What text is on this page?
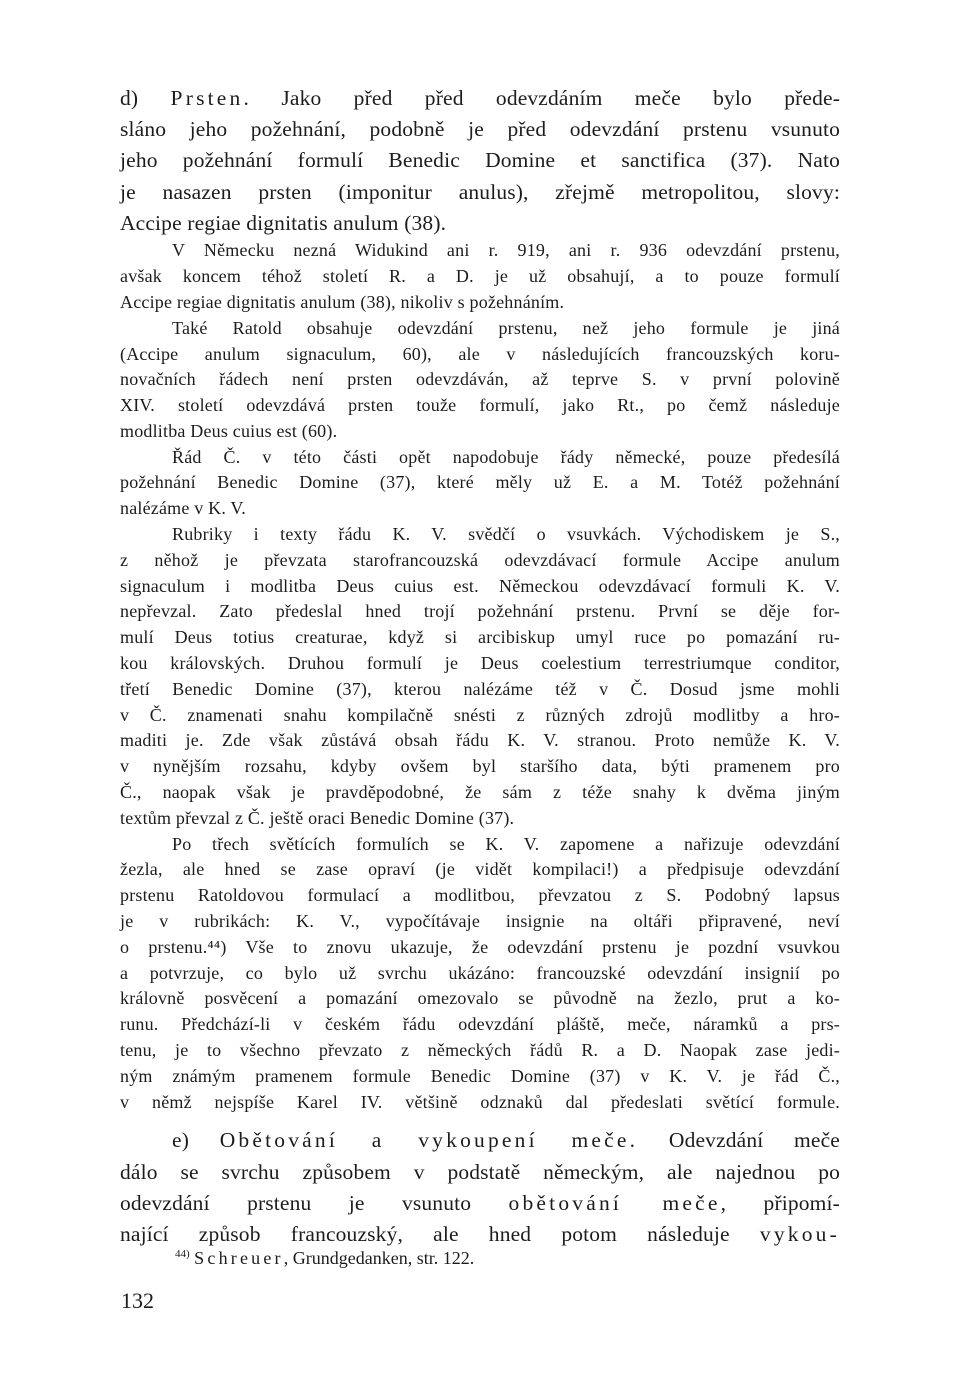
d) Prsten. Jako před před odevzdáním meče bylo přede-
sláno jeho požehnání, podobně je před odevzdání prstenu vsunuto
jeho požehnání formulí Benedic Domine et sanctifica (37). Nato
je nasazen prsten (imponitur anulus), zřejmě metropolitou, slovy:
Accipe regiae dignitatis anulum (38).
V Německu nezná Widukind ani r. 919, ani r. 936 odevzdání prstenu,
avšak koncem téhož století R. a D. je už obsahují, a to pouze formulí
Accipe regiae dignitatis anulum (38), nikoliv s požehnáním.
Také Ratold obsahuje odevzdání prstenu, než jeho formule je jiná
(Accipe anulum signaculum, 60), ale v následujících francouzských koru-
novačních řádech není prsten odevzdáván, až teprve S. v první polovině
XIV. století odevzdává prsten touže formulí, jako Rt., po čemž následuje
modlitba Deus cuius est (60).
Řád Č. v této části opět napodobuje řády německé, pouze předesílá
požehnání Benedic Domine (37), které měly už E. a M. Totéž požehnání
nalézáme v K. V.
Rubriky i texty řádu K. V. svědčí o vsuvkách. Východiskem je S.,
z něhož je převzata starofrancouzská odevzdávací formule Accipe anulum
signaculum i modlitba Deus cuius est. Německou odevzdávací formuli K. V.
nepřevzal. Zato předeslal hned trojí požehnání prstenu. První se děje for-
mulí Deus totius creaturae, když si arcibiskup umyl ruce po pomazání ru-
kou královských. Druhou formulí je Deus coelestium terrestriumque conditor,
třetí Benedic Domine (37), kterou nalézáme též v Č. Dosud jsme mohli
v Č. znamenati snahu kompilačně snésti z různých zdrojů modlitby a hro-
maditi je. Zde však zůstává obsah řádu K. V. stranou. Proto nemůže K. V.
v nynějším rozsahu, kdyby ovšem byl staršího data, býti pramenem pro
Č., naopak však je pravděpodobné, že sám z téže snahy k dvěma jiným
textům převzal z Č. ještě oraci Benedic Domine (37).
Po třech světících formulích se K. V. zapomene a nařizuje odevzdání
žezla, ale hned se zase opraví (je vidět kompilaci!) a předpisuje odevzdání
prstenu Ratoldovou formulací a modlitbou, převzatou z S. Podobný lapsus
je v rubrikách: K. V., vypočítávaje insignie na oltáři připravené, neví
o prstenu.⁴⁴) Vše to znovu ukazuje, že odevzdání prstenu je pozdní vsuvkou
a potvrzuje, co bylo už svrchu ukázáno: francouzské odevzdání insignií po
královně posvěcení a pomazání omezovalo se původně na žezlo, prut a ko-
runu. Předchází-li v českém řádu odevzdání pláště, meče, náramků a prs-
tenu, je to všechno převzato z německých řádů R. a D. Naopak zase jedi-
ným známým pramenem formule Benedic Domine (37) v K. V. je řád Č.,
v němž nejspíše Karel IV. většině odznaků dal předeslati světící formule.
e) Obětování a vykoupení meče. Odevzdání meče
dálo se svrchu způsobem v podstatě německým, ale najednou po
odevzdání prstenu je vsunuto obětování meče, připomí-
nající způsob francouzský, ale hned potom následuje vykou-
$^{44)}$ Schreuer, Grundgedanken, str. 122.
132
